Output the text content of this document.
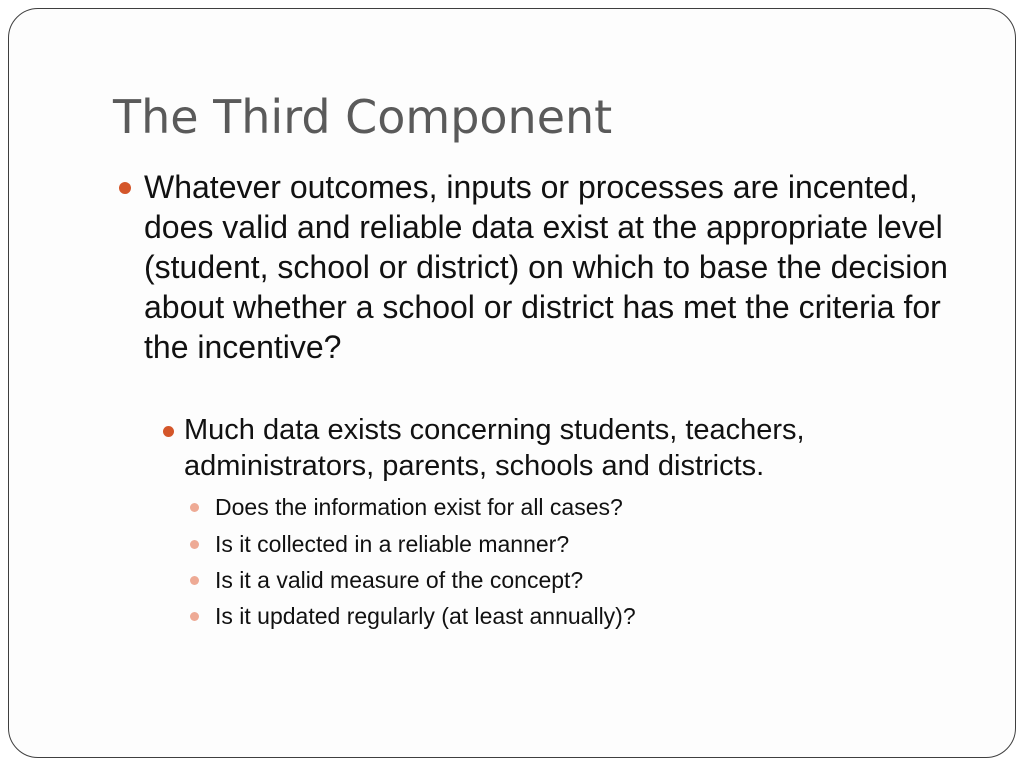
The Third Component
Whatever outcomes, inputs or processes are incented, does valid and reliable data exist at the appropriate level (student, school or district) on which to base the decision about whether a school or district has met the criteria for the incentive?
Much data exists concerning students, teachers, administrators, parents, schools and districts.
Does the information exist for all cases?
Is it collected in a reliable manner?
Is it a valid measure of the concept?
Is it updated regularly (at least annually)?
